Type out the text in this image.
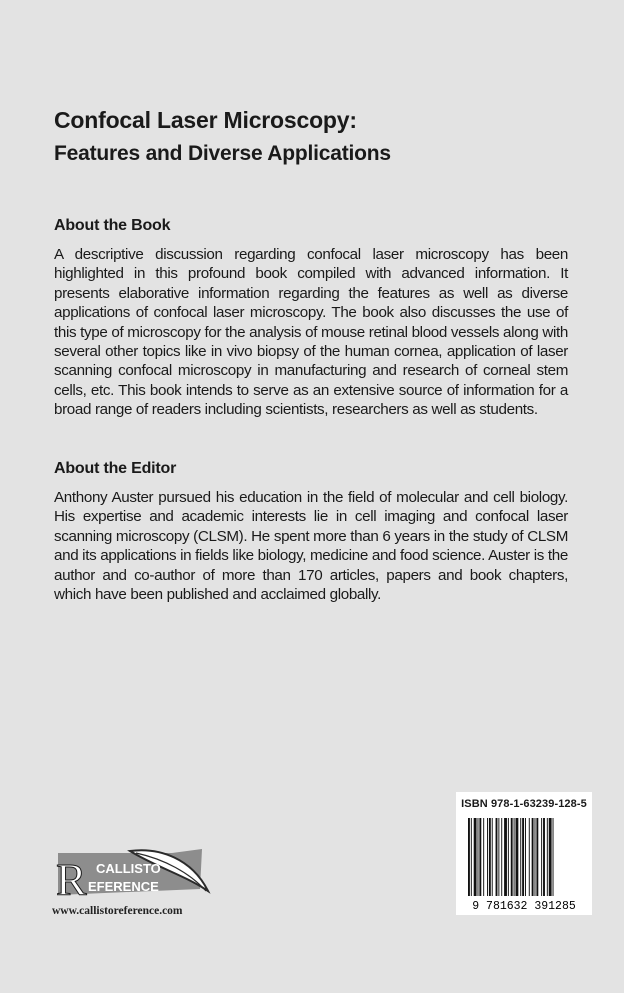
Confocal Laser Microscopy:
Features and Diverse Applications
About the Book

A descriptive discussion regarding confocal laser microscopy has been highlighted in this profound book compiled with advanced information. It presents elaborative information regarding the features as well as diverse applications of confocal laser microscopy. The book also discusses the use of this type of microscopy for the analysis of mouse retinal blood vessels along with several other topics like in vivo biopsy of the human cornea, application of laser scanning confocal microscopy in manufacturing and research of corneal stem cells, etc. This book intends to serve as an extensive source of information for a broad range of readers including scientists, researchers as well as students.

About the Editor

Anthony Auster pursued his education in the field of molecular and cell biology. His expertise and academic interests lie in cell imaging and confocal laser scanning microscopy (CLSM). He spent more than 6 years in the study of CLSM and its applications in fields like biology, medicine and food science. Auster is the author and co-author of more than 170 articles, papers and book chapters, which have been published and acclaimed globally.

R CALLISTO
EFERENCE
www.callistoreference.com
ISBN 978-1-63239-128-5
9 781632 391285
